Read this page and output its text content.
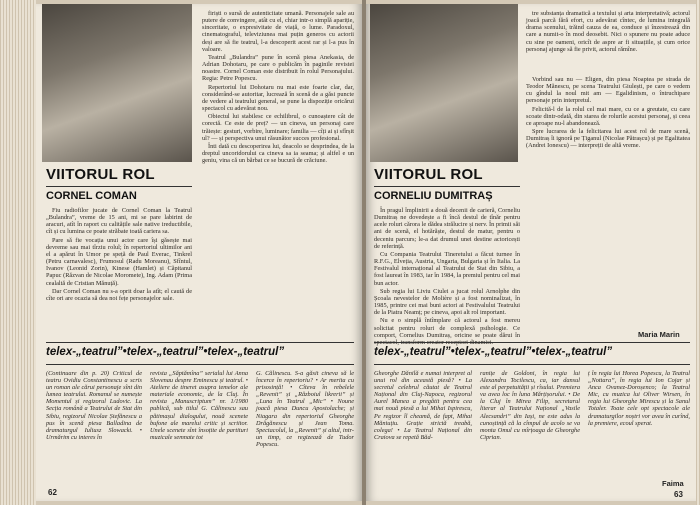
VIITORUL ROL
CORNEL COMAN

Fiu radiofilor jucate de Cornel Coman la Teatrul „Bulandra”, vreme de 15 ani, mi se pare labirint de aracuri, atît în raport cu calitățile sale native ireductibile, cît și cu lumina ce poate străbate toată cariera sa.

Pare să fie vocația unui actor care își găsește mai devreme sau mai tîrziu rolul; în repertoriul ultimilor ani el a apărut în Umor pe speță de Paul Everac, Tinkrel (Petru carnavalesc), Frumosul (Radu Moreanu), Sfîntul, Ivanov (Leonid Zorin), Kinese (Hamlet) și Căpitanul Papuc (Răzvan de Nicolae Moromete), Ing. Adam (Prima cealaltă de Cristian Mănuță).

Dar Cornel Coman nu s-a oprit doar la atît; el caută de cîte ori are ocazia să dea noi fețe personajelor sale.

firiști o sursă de autenticitate umană. Personajele sale au putere de convingere, atât cu el, chiar intr-o simplă apariție, sinceritate, o expresivitate de viață, o lume. Paradoxul, cinematograful, televiziunea mai puțin generos cu actorii deși are să fie teatrul, l-a descoperit acest rar și l-a pus în valoare.

Teatrul „Bulandra” pune în scenă piesa Anekasia, de Adrian Dohotaru, pe care o publicăm în paginile revistei noastre. Cornel Coman este distribuit în rolul Personajului. Regia: Petre Popescu.

Repertoriul lui Dohotaru nu mai este foarte clar, dar, considerând-se autoritar, lucrează în scenă de a găsi puncte de vedere al teatrului general, se pune la dispoziție oricărui spectacol cu adevărat nou.

Obiectul lui stabilesc ce echilibrul, o cunoaștere cât de corectă. Ce este de preț? — un cineva, un personaj care trăiește: gesturi, vorbire, luminare; familia — cîți ai și sfîrșit ul? — și perspectiva unui răsunător succes profesional.

Înti dată cu descoperirea lui, deacolo se desprindea, de la dreptul uncoridorului ca cineva sa ia seama; și altfel e un geniu, vina că un bărbat ce se bucură de crăciune.

telex-„teatrul”•telex-„teatrul”•telex-„teatrul”
(Continuare din p. 20) Criticul de teatru Ovidiu Constantinescu a scris un roman ale cărui personaje sînt din lumea teatrului. Romanul se numește Momentul și regizorul Ludovic. La Secția română a Teatrului de Stat din Sibiu, regizorul Nicolae Ștefănescu a pus în scenă piesa Balladina de dramaturgul Iuliusz Slowacki. • Urmărim cu interes în
revista „Săptămîna” serialul lui Anna Slovenau despre Eminescu și teatrul. • Ateliere de tineret asupra temelor ale materiale economic, de la Cluj. În revista „Manuscriptum” nr. 1/1980 publică, sub titlul G. Călinescu sau pătimașul dialogului, nouă scenete bufone ale marelui critic și scriitor. Unele scenete sînt însoțite de partituri muzicale semnate tot
G. Călinescu. S-a găsit cineva să le încerce în repertoriu? • Ar merita cu prisosință! • Cîteva în rebelele „Revenit” și „Războiul likrerii” și „Luna în Teatrul „Mic” • Noune joacă piesa Duncu Apostolache; și Niagara din repertoriul Gheorghe Drăgănescu și Jean Toma. Spectacolul, la „Revenit” și altul, intr-un timp, ce regizează de Tudor Popescu.
62

tre substanța dramatică a textului și arta interpretativă; actorul joacă parcă fără efort, cu adevărat cîntec, de lumina integrală drama scenului, trăind cauza de ea, conduce și înzestrează din care a numit-o în mod deosebit. Nici o spunere nu poate aduce cu sine pe oameni, oricît de aspre ar fi situațiile, și cum orice personaj ajunge să fie privit, actorul rămîne.

VIITORUL ROL
CORNELIU DUMITRAȘ

În pragul împlinirii a două decenii de carieră, Corneliu Dumitraș ne dovedește a fi încă destul de tînăr pentru acele roluri cărora le dădea strălucire și nerv. În primii săi ani de scenă, el hotărăște, destul de matur, pentru o deceniu parcurs; le-a dat drumul unei destine actoricești de referință.

Cu Compania Teatrului Tineretului a făcut turnee în R.F.G., Elveția, Austria, Ungaria, Bulgaria și în Italia. La Festivalul internațional al Teatrului de Stat din Sibiu, a fost laureat în 1983, iar în 1984, la premiul pentru cel mai bun actor.

Sub regia lui Liviu Ciulei a jucat rolul Arnolphe din Școala nevestelor de Molière și a fost nominalizat, în 1985, printre cei mai buni actori ai Festivalului Teatrului de la Piatra Neamț; pe cineva, apoi alt rol important.

Nu e o simplă întîmplare că actorul a fost mereu solicitat pentru roluri de complexă psihologie. Ce comport, Cornelius Dumitraș, oricine se poate dărui în

Vorbind sau nu — Eligen, din piesa Noaptea pe strada de Teodor Mănescu, pe scena Teatrului Giulești, pe care o vedem cu gîndul la noul mit am — Egalidinism, o întruchipare personaje prin interpretul.

Felicită-l de la rolul cel mai mare, cu ce a greutate, cu care scoate dintr-odată, din starea de rolurile acestui personaj, și ceea ce aproape nu-l abandonează.

Spre lucrarea de la felicitarea lui acest rol de mare scenă, Dumitraș îi ignoră pe Țiganul (Nicolae Pătrașcu) și pe Egalitatea (Andrei Ionescu) — interpreții de altă vreme.

Maria Marin
telex-„teatrul”•telex-„teatrul”•telex-„teatrul”
Gheorghe Dănilă e numai interpret al unui rol din această piesă? • La secretul celebrul căutat de Teatrul Național din Cluj-Napoca, regizorul Aurel Manea a pregătit pentru cea mai nouă piesă a lui Mihai Ispirescu, Pe regizor îl cheamă, de fapt, Mihai Măniuțiu. Grație strictă treabă, colega! • La Teatrul Național din Craiova se repetă Băd-
ranițe de Goldoni, în regia lui Alexandru Tocilescu, ca, iar dansul este al perpetuității și rîsului. Premiera va avea loc în luna Mărțișorului. • De la Cluj în Mirea Filip, secretarul literar al Teatrului Național „Vasile Alecsandri” din Iași, ne este adus la cunoștință că la cîmpul de acolo se va monta Omul cu mîrțoaga de Gheorghe Ciprian.
ț în regia lui Horea Popescu, la Teatrul „Nottara”, în regia lui Ion Cojar și Anca Ovanez-Doroșenco; la Teatrul Mic, cu muzica lui Oliver Wirsen, în regia lui Gheorghe Mirescu și la Sanul Totaler. Toate cele opt spectacole ale dramaturgilor noștri vor avea în curînd, la premiere, ecoul sperat.
Faima
63
